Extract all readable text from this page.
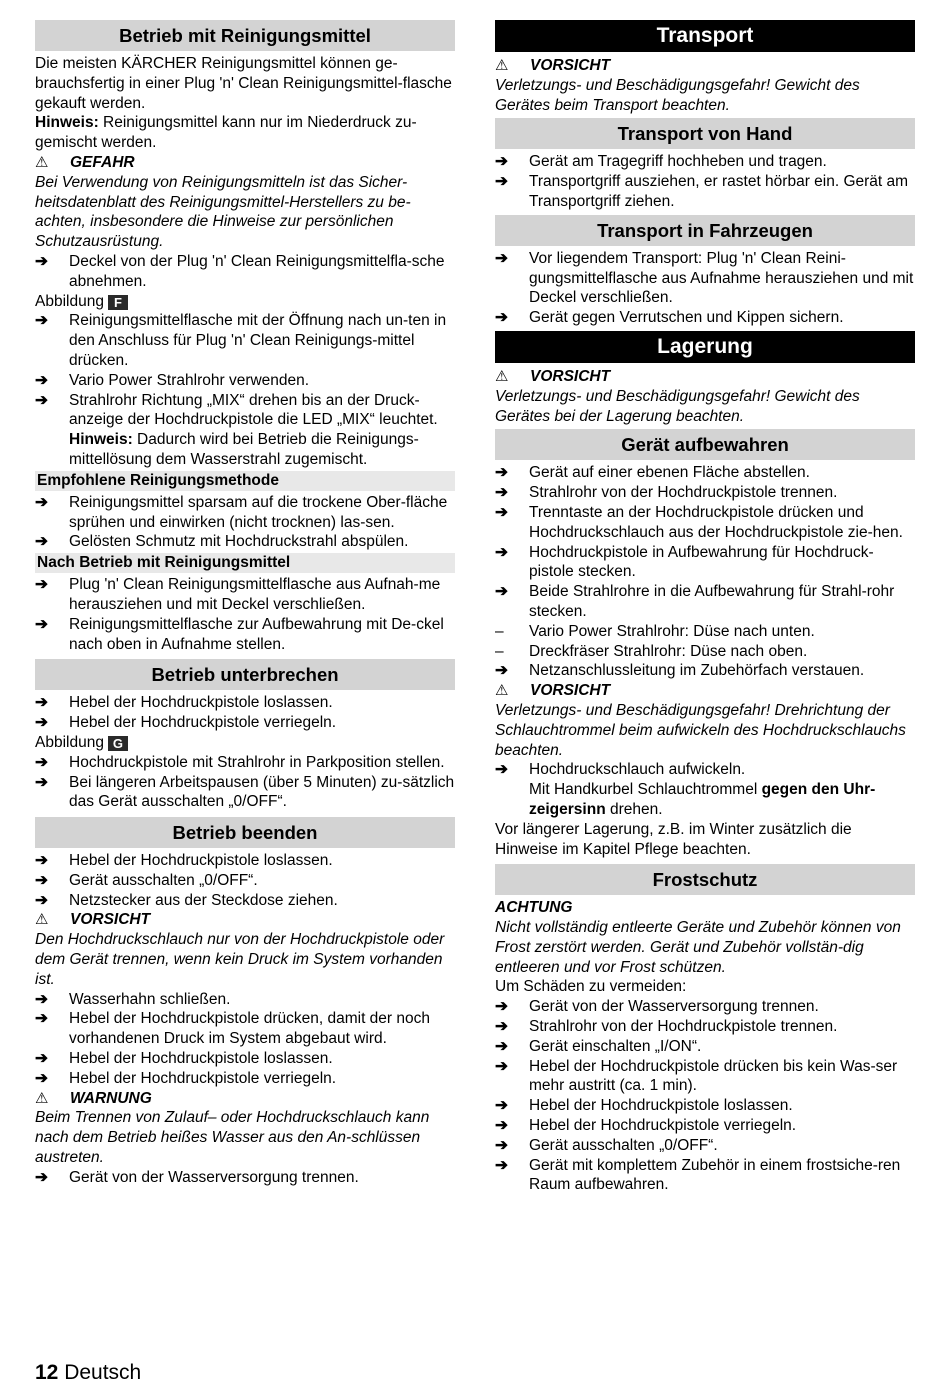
Betrieb mit Reinigungsmittel

Die meisten KÄRCHER Reinigungsmittel können ge-brauchsfertig in einer Plug 'n' Clean Reinigungsmittel-flasche gekauft werden.

Hinweis: Reinigungsmittel kann nur im Niederdruck zu-gemischt werden.

⚠	GEFAHR

Bei Verwendung von Reinigungsmitteln ist das Sicher-heitsdatenblatt des Reinigungsmittel-Herstellers zu be-achten, insbesondere die Hinweise zur persönlichen Schutzausrüstung.

➔	Deckel von der Plug 'n' Clean Reinigungsmittelfla-sche abnehmen.

Abbildung F

➔	Reinigungsmittelflasche mit der Öffnung nach un-ten in den Anschluss für Plug 'n' Clean Reinigungs-mittel drücken.
➔	Vario Power Strahlrohr verwenden.
➔	Strahlrohr Richtung „MIX“ drehen bis an der Druck-anzeige der Hochdruckpistole die LED „MIX“ leuchtet.

Hinweis: Dadurch wird bei Betrieb die Reinigungs-mittellösung dem Wasserstrahl zugemischt.

Empfohlene Reinigungsmethode
➔	Reinigungsmittel sparsam auf die trockene Ober-fläche sprühen und einwirken (nicht trocknen) las-sen.
➔	Gelösten Schmutz mit Hochdruckstrahl abspülen.
Nach Betrieb mit Reinigungsmittel
➔	Plug 'n' Clean Reinigungsmittelflasche aus Aufnah-me herausziehen und mit Deckel verschließen.
➔	Reinigungsmittelflasche zur Aufbewahrung mit De-ckel nach oben in Aufnahme stellen.
Betrieb unterbrechen
➔	Hebel der Hochdruckpistole loslassen.
➔	Hebel der Hochdruckpistole verriegeln.

Abbildung G

➔	Hochdruckpistole mit Strahlrohr in Parkposition stellen.
➔	Bei längeren Arbeitspausen (über 5 Minuten) zu-sätzlich das Gerät ausschalten „0/OFF“.
Betrieb beenden
➔	Hebel der Hochdruckpistole loslassen.
➔	Gerät ausschalten „0/OFF“.
➔	Netzstecker aus der Steckdose ziehen.
⚠	VORSICHT

Den Hochdruckschlauch nur von der Hochdruckpistole oder dem Gerät trennen, wenn kein Druck im System vorhanden ist.

➔	Wasserhahn schließen.
➔	Hebel der Hochdruckpistole drücken, damit der noch vorhandenen Druck im System abgebaut wird.
➔	Hebel der Hochdruckpistole loslassen.
➔	Hebel der Hochdruckpistole verriegeln.
⚠	WARNUNG

Beim Trennen von Zulauf– oder Hochdruckschlauch kann nach dem Betrieb heißes Wasser aus den An-schlüssen austreten.

➔	Gerät von der Wasserversorgung trennen.
Transport
⚠	VORSICHT

Verletzungs- und Beschädigungsgefahr! Gewicht des Gerätes beim Transport beachten.

Transport von Hand
➔	Gerät am Tragegriff hochheben und tragen.
➔	Transportgriff ausziehen, er rastet hörbar ein. Gerät am Transportgriff ziehen.
Transport in Fahrzeugen
➔	Vor liegendem Transport: Plug 'n' Clean Reini-gungsmittelflasche aus Aufnahme herausziehen und mit Deckel verschließen.
➔	Gerät gegen Verrutschen und Kippen sichern.
Lagerung
⚠	VORSICHT

Verletzungs- und Beschädigungsgefahr! Gewicht des Gerätes bei der Lagerung beachten.

Gerät aufbewahren
➔	Gerät auf einer ebenen Fläche abstellen.
➔	Strahlrohr von der Hochdruckpistole trennen.
➔	Trenntaste an der Hochdruckpistole drücken und Hochdruckschlauch aus der Hochdruckpistole zie-hen.
➔	Hochdruckpistole in Aufbewahrung für Hochdruck-pistole stecken.
➔	Beide Strahlrohre in die Aufbewahrung für Strahl-rohr stecken.
–	Vario Power Strahlrohr: Düse nach unten.
–	Dreckfräser Strahlrohr: Düse nach oben.
➔	Netzanschlussleitung im Zubehörfach verstauen.
⚠	VORSICHT

Verletzungs- und Beschädigungsgefahr! Drehrichtung der Schlauchtrommel beim aufwickeln des Hochdruckschlauchs beachten.

➔	Hochdruckschlauch aufwickeln.

Mit Handkurbel Schlauchtrommel gegen den Uhr-zeigersinn drehen.

Vor längerer Lagerung, z.B. im Winter zusätzlich die Hinweise im Kapitel Pflege beachten.

Frostschutz
ACHTUNG

Nicht vollständig entleerte Geräte und Zubehör können von Frost zerstört werden. Gerät und Zubehör vollstän-dig entleeren und vor Frost schützen.

Um Schäden zu vermeiden:

➔	Gerät von der Wasserversorgung trennen.
➔	Strahlrohr von der Hochdruckpistole trennen.
➔	Gerät einschalten „I/ON“.
➔	Hebel der Hochdruckpistole drücken bis kein Was-ser mehr austritt (ca. 1 min).
➔	Hebel der Hochdruckpistole loslassen.
➔	Hebel der Hochdruckpistole verriegeln.
➔	Gerät ausschalten „0/OFF“.
➔	Gerät mit komplettem Zubehör in einem frostsiche-ren Raum aufbewahren.
12 Deutsch
